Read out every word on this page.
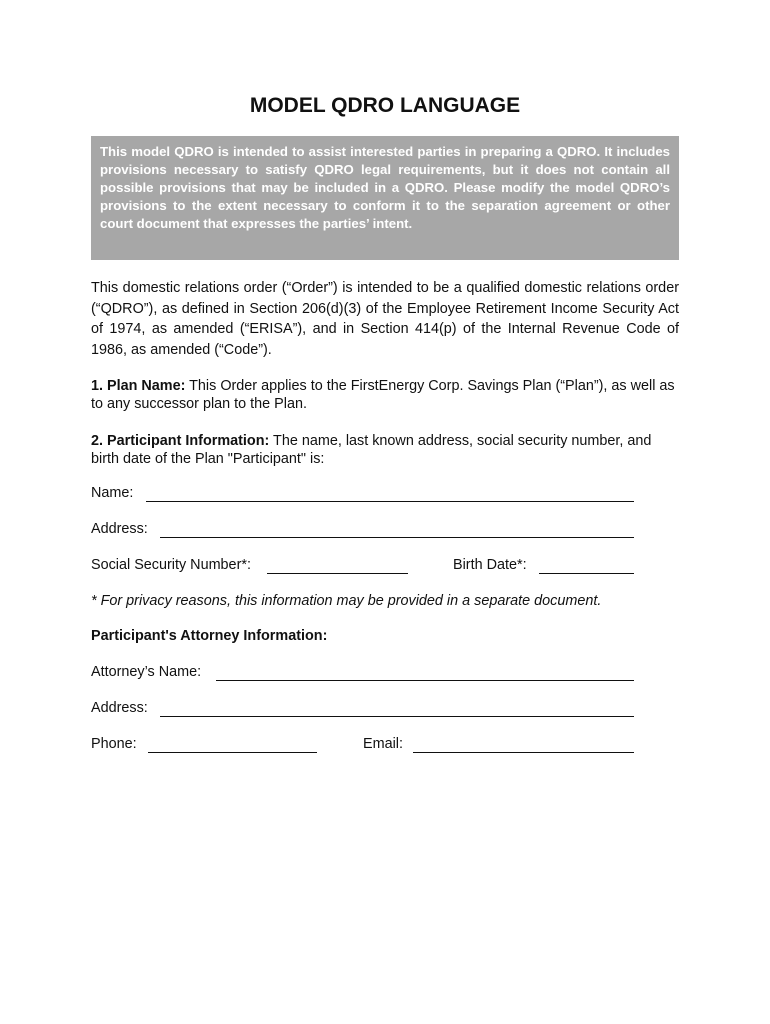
MODEL QDRO LANGUAGE
This model QDRO is intended to assist interested parties in preparing a QDRO. It includes provisions necessary to satisfy QDRO legal requirements, but it does not contain all possible provisions that may be included in a QDRO. Please modify the model QDRO’s provisions to the extent necessary to conform it to the separation agreement or other court document that expresses the parties’ intent.
This domestic relations order (“Order”) is intended to be a qualified domestic relations order (“QDRO”), as defined in Section 206(d)(3) of the Employee Retirement Income Security Act of 1974, as amended (“ERISA”), and in Section 414(p) of the Internal Revenue Code of 1986, as amended (“Code”).
1. Plan Name: This Order applies to the FirstEnergy Corp. Savings Plan (“Plan”), as well as to any successor plan to the Plan.
2. Participant Information: The name, last known address, social security number, and birth date of the Plan "Participant" is:
Name:
Address:
Social Security Number*:	Birth Date*:
* For privacy reasons, this information may be provided in a separate document.
Participant's Attorney Information:
Attorney’s Name:
Address:
Phone:	Email:
